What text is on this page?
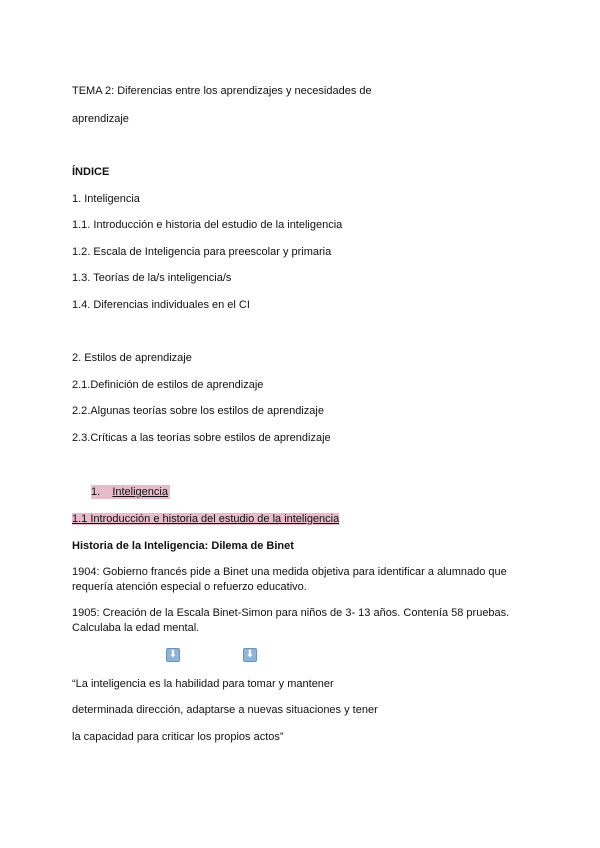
TEMA 2: Diferencias entre los aprendizajes y necesidades de
aprendizaje
ÍNDICE
1. Inteligencia
1.1. Introducción e historia del estudio de la inteligencia
1.2. Escala de Inteligencia para preescolar y primaria
1.3. Teorías de la/s inteligencia/s
1.4. Diferencias individuales en el CI
2. Estilos de aprendizaje
2.1.Definición de estilos de aprendizaje
2.2.Algunas teorías sobre los estilos de aprendizaje
2.3.Críticas a las teorías sobre estilos de aprendizaje
1. Inteligencia
1.1 Introducción e historia del estudio de la inteligencia
Historia de la Inteligencia: Dilema de Binet
1904: Gobierno francés pide a Binet una medida objetiva para identificar a alumnado que requería atención especial o refuerzo educativo.
1905: Creación de la Escala Binet-Simon para niños de 3- 13 años. Contenía 58 pruebas. Calculaba la edad mental.
⬇	⬇
“La inteligencia es la habilidad para tomar y mantener
determinada dirección, adaptarse a nuevas situaciones y tener
la capacidad para criticar los propios actos”
